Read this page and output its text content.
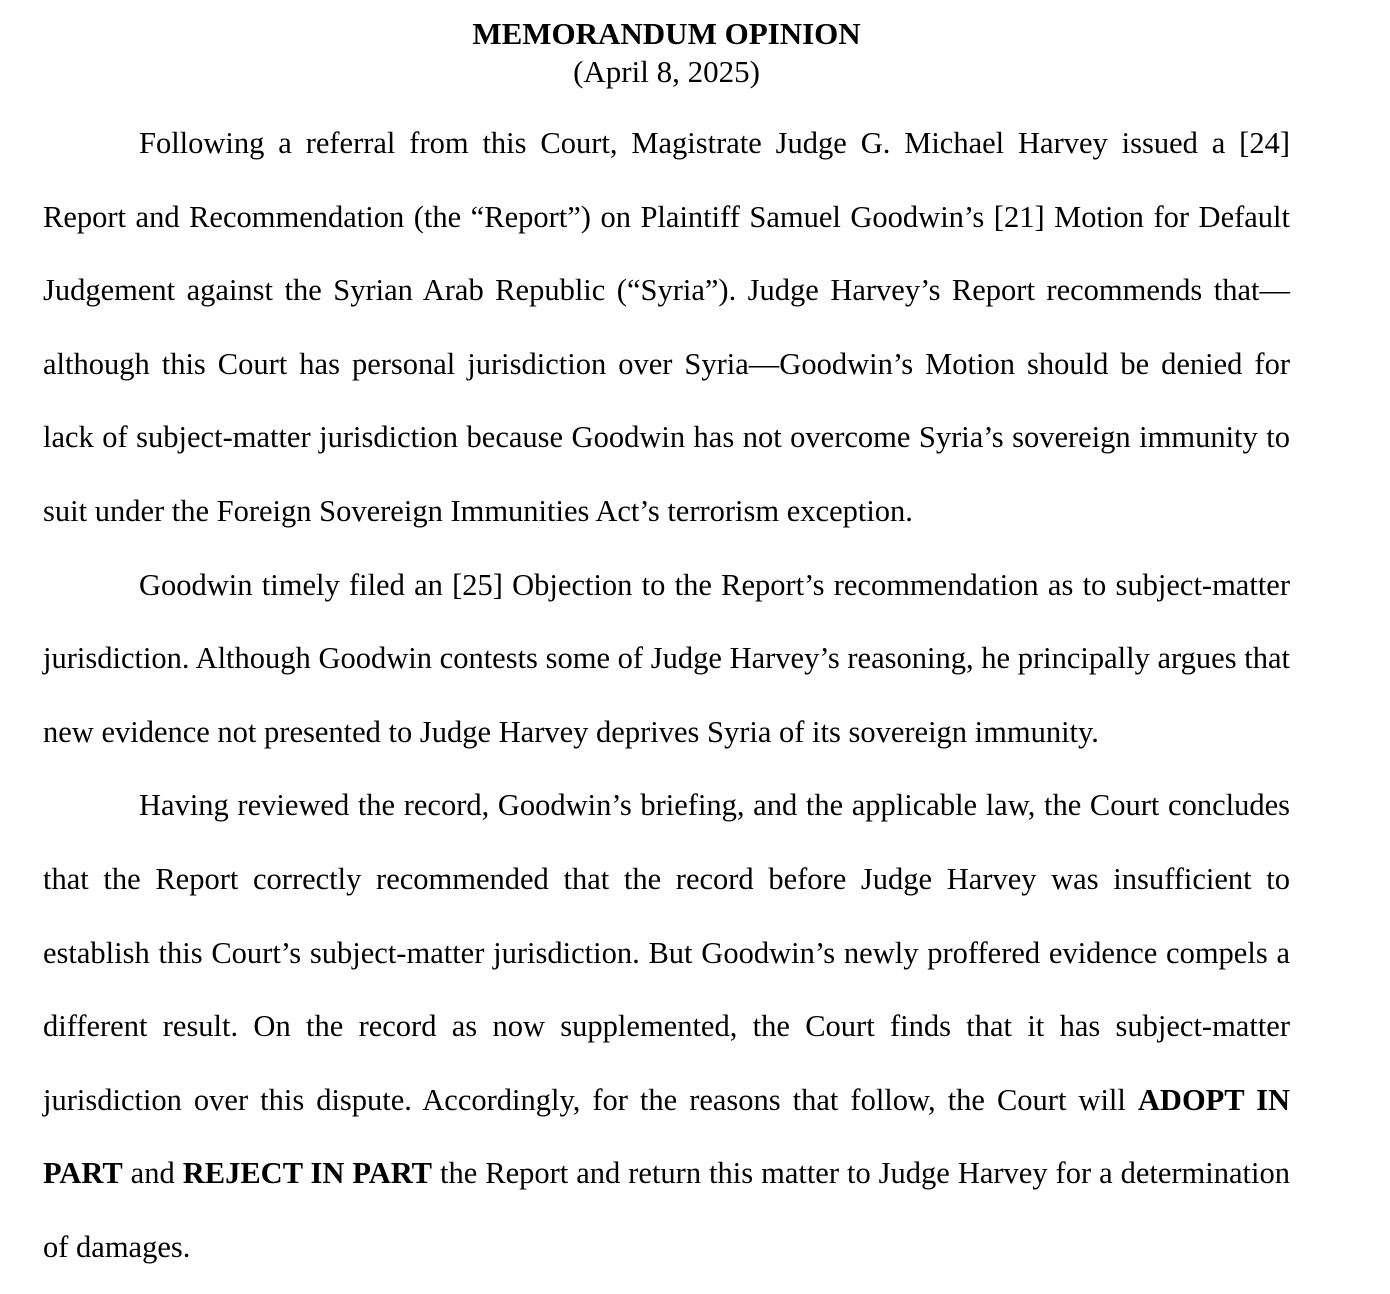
MEMORANDUM OPINION
(April 8, 2025)

Following a referral from this Court, Magistrate Judge G. Michael Harvey issued a [24] Report and Recommendation (the “Report”) on Plaintiff Samuel Goodwin’s [21] Motion for Default Judgement against the Syrian Arab Republic (“Syria”). Judge Harvey’s Report recommends that—although this Court has personal jurisdiction over Syria—Goodwin’s Motion should be denied for lack of subject-matter jurisdiction because Goodwin has not overcome Syria’s sovereign immunity to suit under the Foreign Sovereign Immunities Act’s terrorism exception.

Goodwin timely filed an [25] Objection to the Report’s recommendation as to subject-matter jurisdiction. Although Goodwin contests some of Judge Harvey’s reasoning, he principally argues that new evidence not presented to Judge Harvey deprives Syria of its sovereign immunity.

Having reviewed the record, Goodwin’s briefing, and the applicable law, the Court concludes that the Report correctly recommended that the record before Judge Harvey was insufficient to establish this Court’s subject-matter jurisdiction. But Goodwin’s newly proffered evidence compels a different result. On the record as now supplemented, the Court finds that it has subject-matter jurisdiction over this dispute. Accordingly, for the reasons that follow, the Court will ADOPT IN PART and REJECT IN PART the Report and return this matter to Judge Harvey for a determination of damages.
